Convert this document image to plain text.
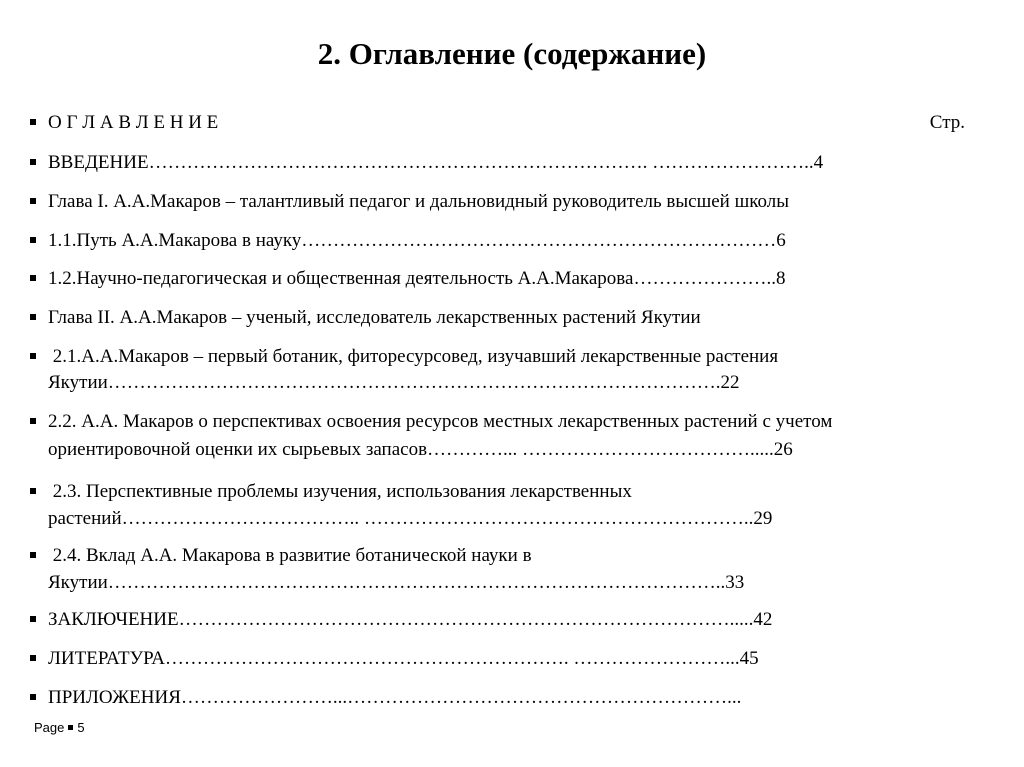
2. Оглавление (содержание)
О Г Л А В Л Е Н И Е	Стр.
ВВЕДЕНИЕ……………………………………………………………………. ……………………..4
Глава I. А.А.Макаров – талантливый педагог и дальновидный руководитель высшей школы
1.1.Путь А.А.Макарова в науку…………………………………………………………………6
1.2.Научно-педагогическая и общественная деятельность А.А.Макарова…………………..8
Глава II. А.А.Макаров – ученый, исследователь лекарственных растений Якутии
2.1.А.А.Макаров – первый ботаник, фиторесурсовед, изучавший лекарственные растения
Якутии…………………………………………………………………………………….22
2.2. А.А. Макаров о перспективах освоения ресурсов местных лекарственных растений с учетом
ориентировочной оценки их сырьевых запасов…………... ……………………………….....26
2.3. Перспективные проблемы изучения, использования лекарственных
растений……………………………….. ……………………………………………………..29
2.4. Вклад А.А. Макарова в развитие ботанической науки в
Якутии……………………………………………………………………………………..33
ЗАКЛЮЧЕНИЕ…………………………………………………………………………….....42
ЛИТЕРАТУРА………………………………………………………. ……………………...45
ПРИЛОЖЕНИЯ……………………...……………………………………………………...
Page 5
